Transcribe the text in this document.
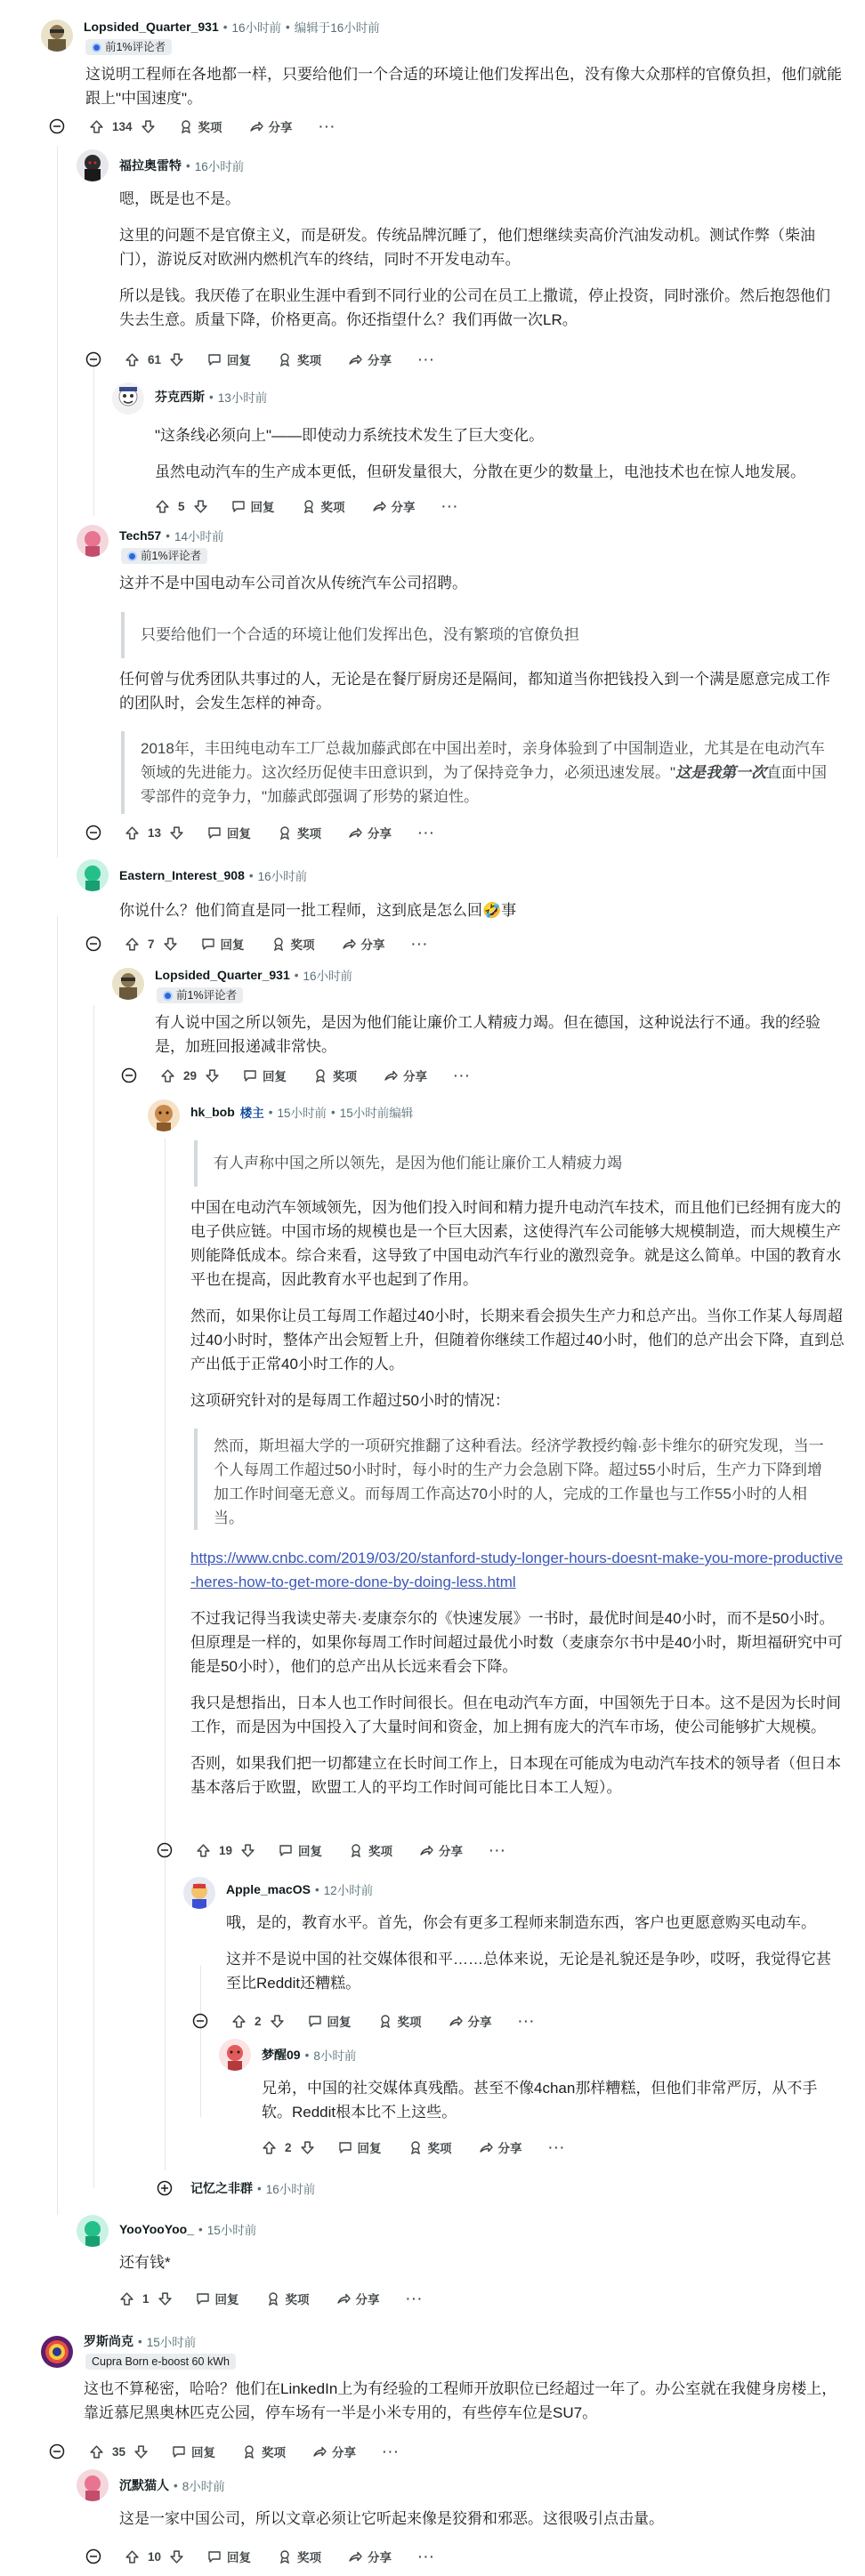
Lopsided_Quarter_931 • 16小时前 • 编辑于16小时前
前1%评论者
这说明工程师在各地都一样，只要给他们一个合适的环境让他们发挥出色，没有像大众那样的官僚负担，他们就能跟上"中国速度"。
134	奖项	分享 ···
福拉奥雷特 • 16小时前

嗯，既是也不是。

这里的问题不是官僚主义，而是研发。传统品牌沉睡了，他们想继续卖高价汽油发动机。测试作弊（柴油门），游说反对欧洲内燃机汽车的终结，同时不开发电动车。

所以是钱。我厌倦了在职业生涯中看到不同行业的公司在员工上撒谎，停止投资，同时涨价。然后抱怨他们失去生意。质量下降，价格更高。你还指望什么？我们再做一次LR。

61	回复	奖项	分享 ···
芬克西斯 • 13小时前

"这条线必须向上"——即使动力系统技术发生了巨大变化。

虽然电动汽车的生产成本更低，但研发量很大，分散在更少的数量上，电池技术也在惊人地发展。

5	回复	奖项	分享 ···
Tech57 • 14小时前
前1%评论者
这并不是中国电动车公司首次从传统汽车公司招聘。
只要给他们一个合适的环境让他们发挥出色，没有繁琐的官僚负担
任何曾与优秀团队共事过的人，无论是在餐厅厨房还是隔间，都知道当你把钱投入到一个满是愿意完成工作的团队时，会发生怎样的神奇。
2018年，丰田纯电动车工厂总裁加藤武郎在中国出差时，亲身体验到了中国制造业，尤其是在电动汽车领域的先进能力。这次经历促使丰田意识到，为了保持竞争力，必须迅速发展。"这是我第一次直面中国零部件的竞争力，"加藤武郎强调了形势的紧迫性。
13	回复	奖项	分享 ···
Eastern_Interest_908 • 16小时前
你说什么？他们简直是同一批工程师，这到底是怎么回🤣事
7	回复	奖项	分享 ···
Lopsided_Quarter_931 • 16小时前
前1%评论者
有人说中国之所以领先，是因为他们能让廉价工人精疲力竭。但在德国，这种说法行不通。我的经验是，加班回报递减非常快。
29	回复	奖项	分享 ···
hk_bob 楼主 • 15小时前 • 15小时前编辑
有人声称中国之所以领先，是因为他们能让廉价工人精疲力竭

中国在电动汽车领域领先，因为他们投入时间和精力提升电动汽车技术，而且他们已经拥有庞大的电子供应链。中国市场的规模也是一个巨大因素，这使得汽车公司能够大规模制造，而大规模生产则能降低成本。综合来看，这导致了中国电动汽车行业的激烈竞争。就是这么简单。中国的教育水平也在提高，因此教育水平也起到了作用。

然而，如果你让员工每周工作超过40小时，长期来看会损失生产力和总产出。当你工作某人每周超过40小时时，整体产出会短暂上升，但随着你继续工作超过40小时，他们的总产出会下降，直到总产出低于正常40小时工作的人。

这项研究针对的是每周工作超过50小时的情况：

然而，斯坦福大学的一项研究推翻了这种看法。经济学教授约翰·彭卡维尔的研究发现，当一个人每周工作超过50小时时，每小时的生产力会急剧下降。超过55小时后，生产力下降到增加工作时间毫无意义。而每周工作高达70小时的人，完成的工作量也与工作55小时的人相当。

https://www.cnbc.com/2019/03/20/stanford-study-longer-hours-doesnt-make-you-more-productive-heres-how-to-get-more-done-by-doing-less.html

不过我记得当我读史蒂夫·麦康奈尔的《快速发展》一书时，最优时间是40小时，而不是50小时。但原理是一样的，如果你每周工作时间超过最优小时数（麦康奈尔书中是40小时，斯坦福研究中可能是50小时），他们的总产出从长远来看会下降。

我只是想指出，日本人也工作时间很长。但在电动汽车方面，中国领先于日本。这不是因为长时间工作，而是因为中国投入了大量时间和资金，加上拥有庞大的汽车市场，使公司能够扩大规模。

否则，如果我们把一切都建立在长时间工作上，日本现在可能成为电动汽车技术的领导者（但日本基本落后于欧盟，欧盟工人的平均工作时间可能比日本工人短）。

19	回复	奖项	分享 ···
Apple_macOS • 12小时前

哦，是的，教育水平。首先，你会有更多工程师来制造东西，客户也更愿意购买电动车。

这并不是说中国的社交媒体很和平……总体来说，无论是礼貌还是争吵，哎呀，我觉得它甚至比Reddit还糟糕。

2	回复	奖项	分享 ···
梦醒09 • 8小时前
兄弟，中国的社交媒体真残酷。甚至不像4chan那样糟糕，但他们非常严厉，从不手软。Reddit根本比不上这些。
2	回复	奖项	分享 ···
记忆之非群 • 16小时前
YooYooYoo_ • 15小时前
还有钱*
1	回复	奖项	分享 ···
罗斯尚克 • 15小时前
Cupra Born e-boost 60 kWh
这也不算秘密，哈哈？他们在LinkedIn上为有经验的工程师开放职位已经超过一年了。办公室就在我健身房楼上，靠近慕尼黑奥林匹克公园，停车场有一半是小米专用的，有些停车位是SU7。
35	回复	奖项	分享 ···
沉默猫人 • 8小时前
这是一家中国公司，所以文章必须让它听起来像是狡猾和邪恶。这很吸引点击量。
10	回复	奖项	分享 ···
